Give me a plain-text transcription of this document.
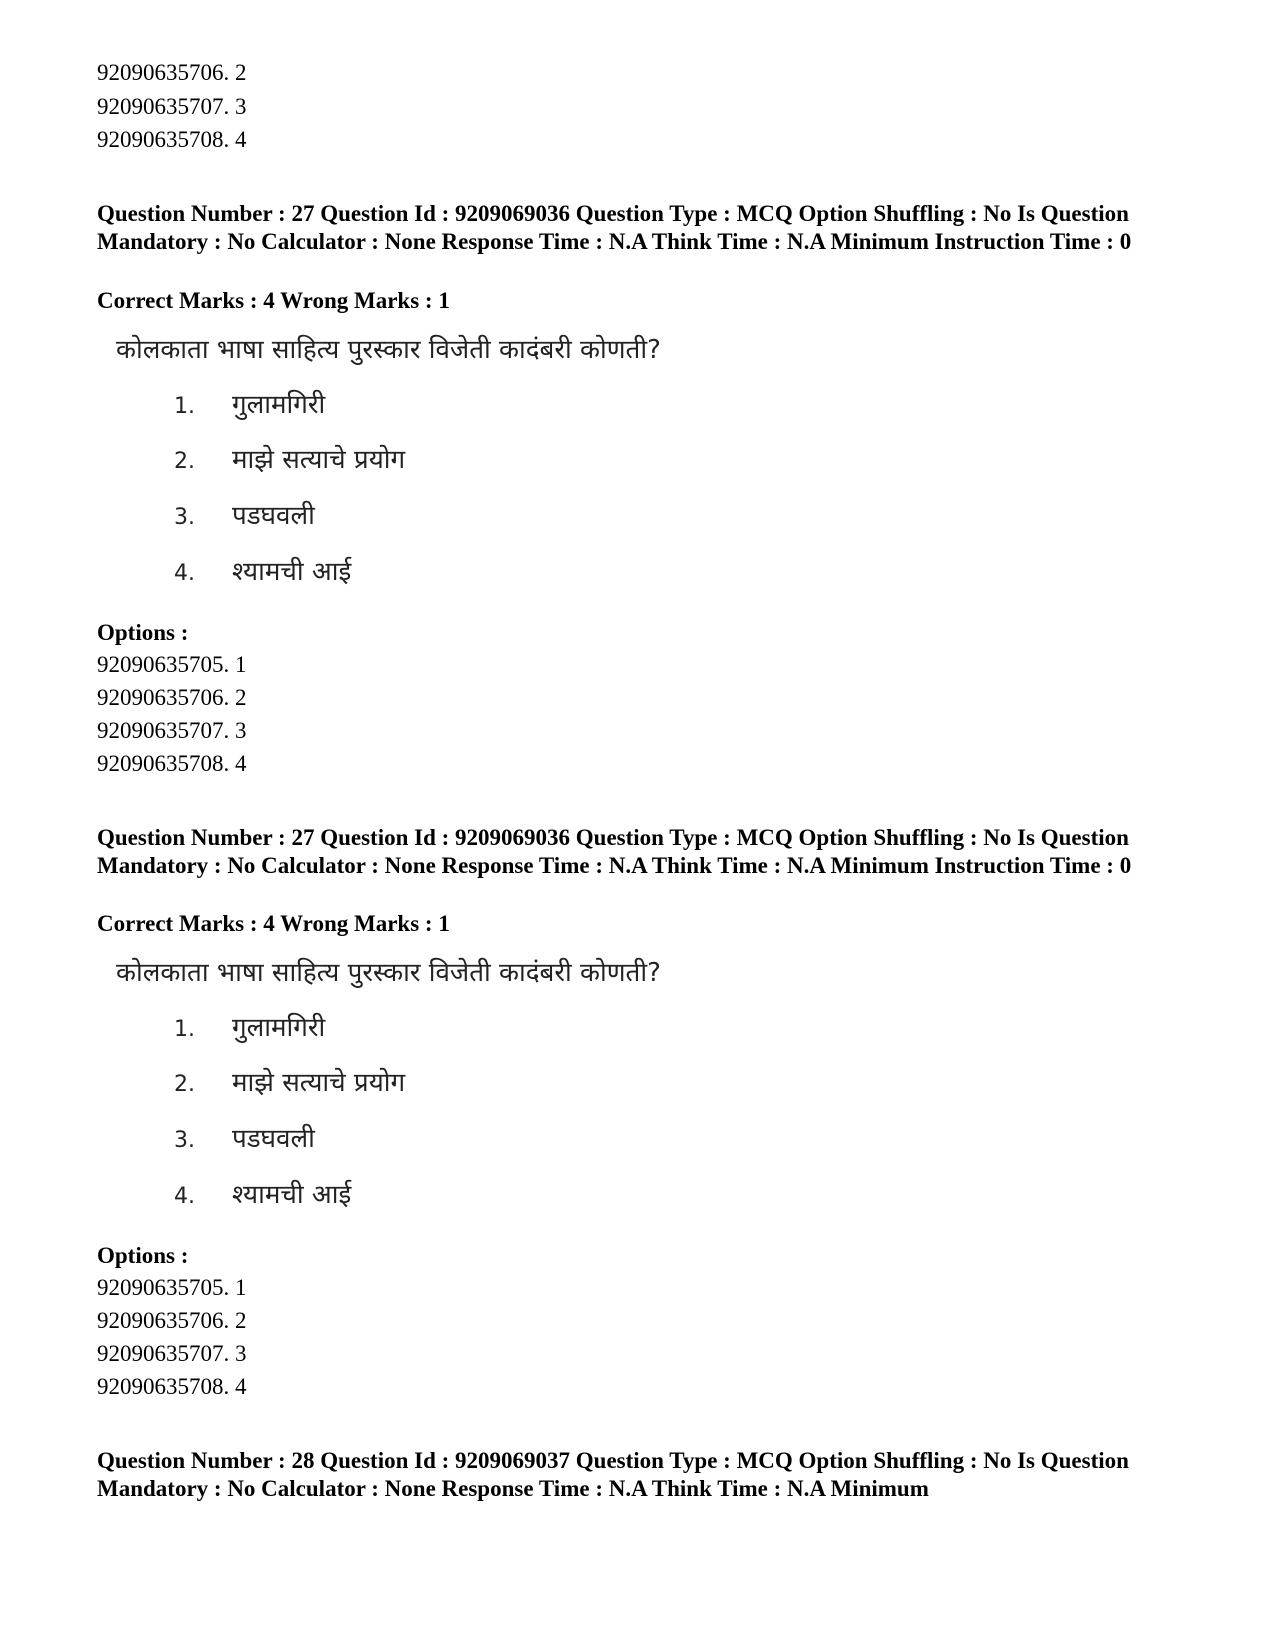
92090635706. 2
92090635707. 3
92090635708. 4
Question Number : 27 Question Id : 9209069036 Question Type : MCQ Option Shuffling : No Is Question Mandatory : No Calculator : None Response Time : N.A Think Time : N.A Minimum Instruction Time : 0
Correct Marks : 4 Wrong Marks : 1
कोलकाता भाषा साहित्य पुरस्कार विजेती कादंबरी कोणती?
1. गुलामगिरी
2. माझे सत्याचे प्रयोग
3. पडघवली
4. श्यामची आई
Options :
92090635705. 1
92090635706. 2
92090635707. 3
92090635708. 4
Question Number : 27 Question Id : 9209069036 Question Type : MCQ Option Shuffling : No Is Question Mandatory : No Calculator : None Response Time : N.A Think Time : N.A Minimum Instruction Time : 0
Correct Marks : 4 Wrong Marks : 1
कोलकाता भाषा साहित्य पुरस्कार विजेती कादंबरी कोणती?
1. गुलामगिरी
2. माझे सत्याचे प्रयोग
3. पडघवली
4. श्यामची आई
Options :
92090635705. 1
92090635706. 2
92090635707. 3
92090635708. 4
Question Number : 28 Question Id : 9209069037 Question Type : MCQ Option Shuffling : No Is Question Mandatory : No Calculator : None Response Time : N.A Think Time : N.A Minimum
